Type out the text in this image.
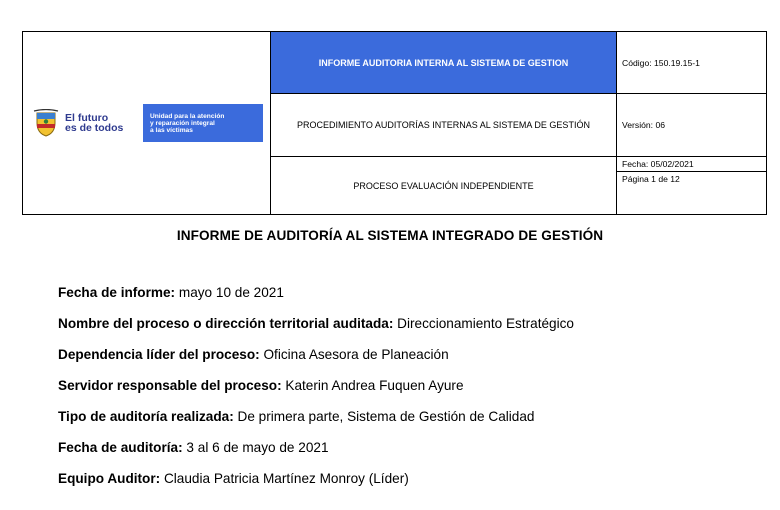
El futuro
es de todos
Unidad para la atención
y reparación integral
a las víctimas	INFORME AUDITORIA INTERNA AL SISTEMA DE GESTION	Código: 150.19.15-1
	PROCEDIMIENTO AUDITORÍAS INTERNAS AL SISTEMA DE GESTIÓN	Versión: 06
	PROCESO EVALUACIÓN INDEPENDIENTE	Fecha: 05/02/2021
Página 1 de 12
INFORME DE AUDITORÍA AL SISTEMA INTEGRADO DE GESTIÓN
Fecha de informe: mayo 10 de 2021
Nombre del proceso o dirección territorial auditada: Direccionamiento Estratégico
Dependencia líder del proceso: Oficina Asesora de Planeación
Servidor responsable del proceso: Katerin Andrea Fuquen Ayure
Tipo de auditoría realizada: De primera parte, Sistema de Gestión de Calidad
Fecha de auditoría: 3 al 6 de mayo de 2021
Equipo Auditor: Claudia Patricia Martínez Monroy (Líder)
